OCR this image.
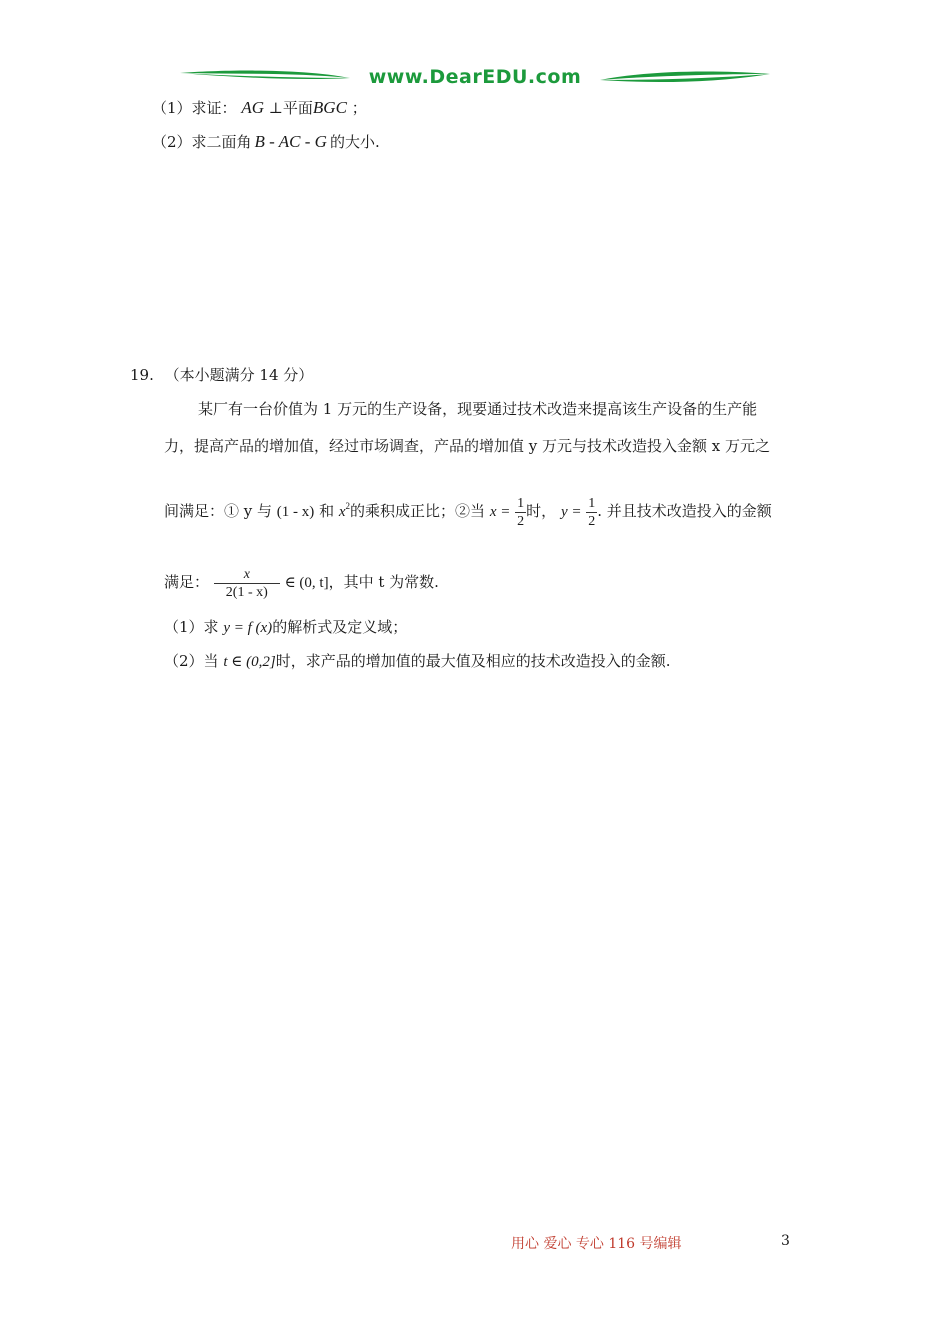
www.DearEDU.com
（1）求证： AG ⊥平面BGC ；
（2）求二面角 B - AC - G 的大小.
19. （本小题满分 14 分）
某厂有一台价值为 1 万元的生产设备，现要通过技术改造来提高该生产设备的生产能
力，提高产品的增加值，经过市场调查，产品的增加值 y 万元与技术改造投入金额 x 万元之
间满足：① y 与 (1 - x) 和 $x^2$的乘积成正比；②当 $x = \frac{1}{2}$ 时， $y = \frac{1}{2}$ . 并且技术改造投入的金额
满足： $\frac{x}{2(1 - x)}$ ∈ (0, t]，其中 t 为常数.
（1）求 y = f (x)的解析式及定义域；
（2）当 t ∈ (0,2]时，求产品的增加值的最大值及相应的技术改造投入的金额.
用心 爱心 专心 116 号编辑	3
